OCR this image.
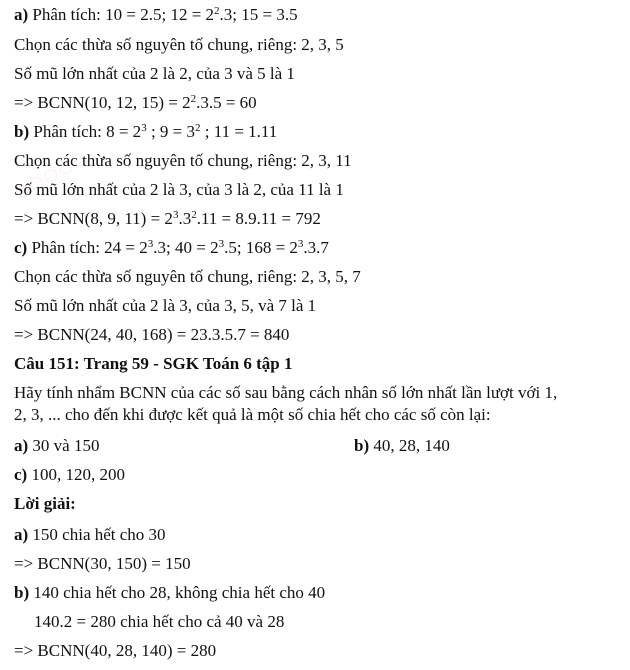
◌◌◌◌◌
a) Phân tích: 10 = 2.5; $12 = 2^2.3$; 15 = 3.5
Chọn các thừa số nguyên tố chung, riêng: 2, 3, 5
Số mũ lớn nhất của 2 là 2, của 3 và 5 là 1
=> BCNN(10, 12, $15) = 2^2.3.5 = 60$
b) Phân tích: $8 = 2^3$ ; $9 = 3^2$ ; 11 = 1.11
Chọn các thừa số nguyên tố chung, riêng: 2, 3, 11
Số mũ lớn nhất của 2 là 3, của 3 là 2, của 11 là 1
=> BCNN(8, 9, $11) = 2^3.3^2.11 = 8.9.11 = 792$
c) Phân tích: $24 = 2^3.3$; $40 = 2^3.5$; $168 = 2^3.3.7$
Chọn các thừa số nguyên tố chung, riêng: 2, 3, 5, 7
Số mũ lớn nhất của 2 là 3, của 3, 5, và 7 là 1
=> BCNN(24, 40, 168) = 23.3.5.7 = 840
Câu 151: Trang 59 - SGK Toán 6 tập 1
Hãy tính nhẩm BCNN của các số sau bằng cách nhân số lớn nhất lần lượt với 1,
2, 3, ... cho đến khi được kết quả là một số chia hết cho các số còn lại:
a) 30 và 150	b) 40, 28, 140
c) 100, 120, 200
Lời giải:
a) 150 chia hết cho 30
=> BCNN(30, 150) = 150
b) 140 chia hết cho 28, không chia hết cho 40
140.2 = 280 chia hết cho cả 40 và 28
=> BCNN(40, 28, 140) = 280
